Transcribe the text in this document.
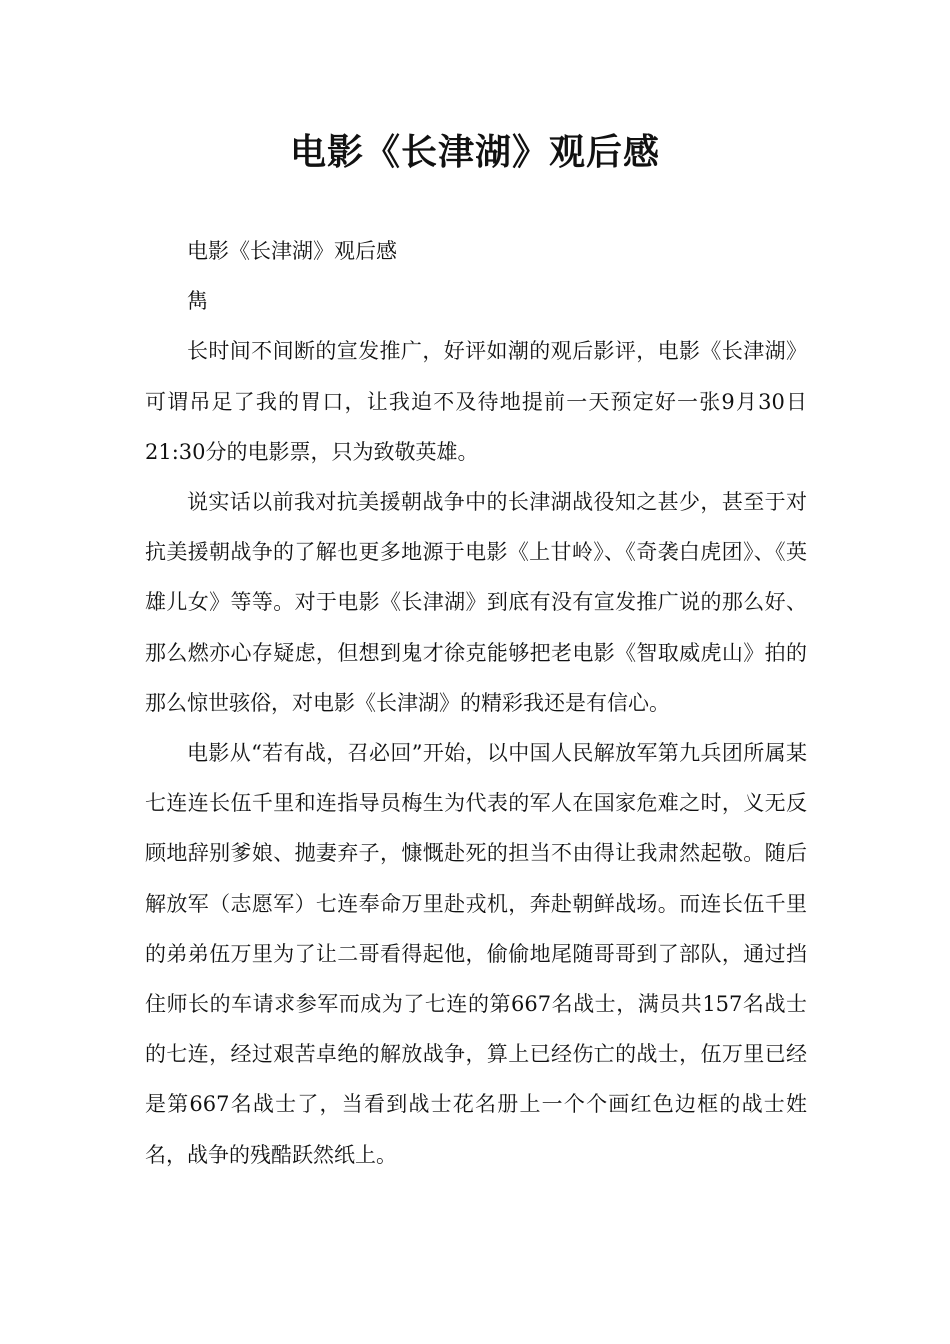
电影《长津湖》观后感

电影《长津湖》观后感

雋

长时间不间断的宣发推广，好评如潮的观后影评，电影《长津湖》可谓吊足了我的胃口，让我迫不及待地提前一天预定好一张9月30日21:30分的电影票，只为致敬英雄。

说实话以前我对抗美援朝战争中的长津湖战役知之甚少，甚至于对抗美援朝战争的了解也更多地源于电影《上甘岭》、《奇袭白虎团》、《英雄儿女》等等。对于电影《长津湖》到底有没有宣发推广说的那么好、那么燃亦心存疑虑，但想到鬼才徐克能够把老电影《智取威虎山》拍的那么惊世骇俗，对电影《长津湖》的精彩我还是有信心。

电影从“若有战，召必回”开始，以中国人民解放军第九兵团所属某七连连长伍千里和连指导员梅生为代表的军人在国家危难之时，义无反顾地辞别爹娘、抛妻弃子，慷慨赴死的担当不由得让我肃然起敬。随后解放军（志愿军）七连奉命万里赴戎机，奔赴朝鲜战场。而连长伍千里的弟弟伍万里为了让二哥看得起他，偷偷地尾随哥哥到了部队，通过挡住师长的车请求参军而成为了七连的第667名战士，满员共157名战士的七连，经过艰苦卓绝的解放战争，算上已经伤亡的战士，伍万里已经是第667名战士了，当看到战士花名册上一个个画红色边框的战士姓名，战争的残酷跃然纸上。
